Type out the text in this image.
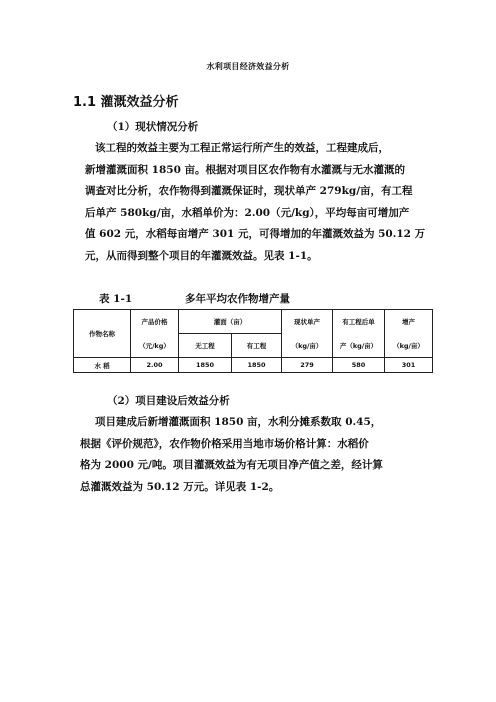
水利项目经济效益分析
1.1 灌溉效益分析
（1）现状情况分析

该工程的效益主要为工程正常运行所产生的效益，工程建成后，

新增灌溉面积 1850 亩。根据对项目区农作物有水灌溉与无水灌溉的

调查对比分析，农作物得到灌溉保证时，现状单产 279kg/亩，有工程

后单产 580kg/亩，水稻单价为：2.00（元/kg），平均每亩可增加产

值 602 元，水稻每亩增产 301 元，可得增加的年灌溉效益为 50.12 万

元，从而得到整个项目的年灌溉效益。见表 1-1。

表 1-1	多年平均农作物增产量
作物名称	产品价格	灌面（亩）		现状单产	有工程后单	增产
	（元/kg）	无工程	有工程	（kg/亩）	产（kg/亩）	（kg/亩）
水 稻	2.00	1850	1850	279	580	301
（2）项目建设后效益分析

项目建成后新增灌溉面积 1850 亩，水利分摊系数取 0.45，

根据《评价规范》，农作物价格采用当地市场价格计算：水稻价

格为 2000 元/吨。项目灌溉效益为有无项目净产值之差，经计算

总灌溉效益为 50.12 万元。详见表 1-2。
